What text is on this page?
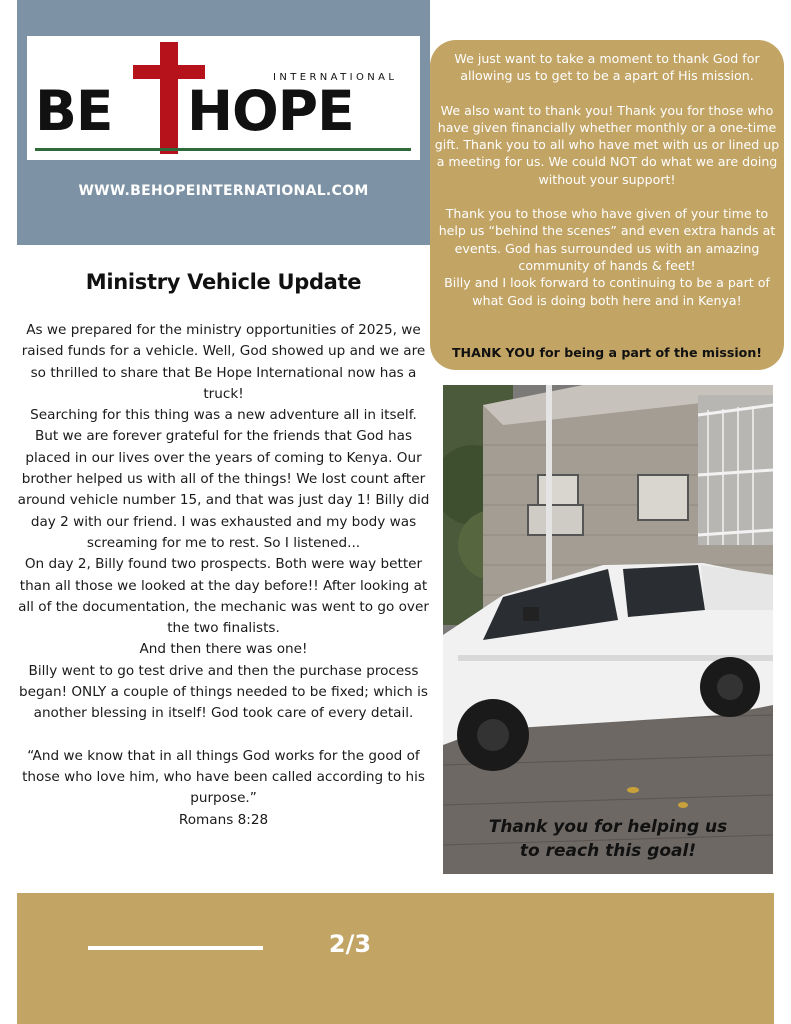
BE
INTERNATIONAL
HOPE
WWW.BEHOPEINTERNATIONAL.COM

We just want to take a moment to thank God for allowing us to get to be a apart of His mission.

We also want to thank you! Thank you for those who have given financially whether monthly or a one-time gift. Thank you to all who have met with us or lined up a meeting for us. We could NOT do what we are doing without your support!

Thank you to those who have given of your time to help us “behind the scenes” and even extra hands at events. God has surrounded us with an amazing community of hands & feet!

Billy and I look forward to continuing to be a part of what God is doing both here and in Kenya!

THANK YOU for being a part of the mission!
Ministry Vehicle Update

As we prepared for the ministry opportunities of 2025, we raised funds for a vehicle. Well, God showed up and we are so thrilled to share that Be Hope International now has a truck!

Searching for this thing was a new adventure all in itself. But we are forever grateful for the friends that God has placed in our lives over the years of coming to Kenya. Our brother helped us with all of the things! We lost count after around vehicle number 15, and that was just day 1! Billy did day 2 with our friend. I was exhausted and my body was screaming for me to rest. So I listened...

On day 2, Billy found two prospects. Both were way better than all those we looked at the day before!! After looking at all of the documentation, the mechanic was went to go over the two finalists.

And then there was one!

Billy went to go test drive and then the purchase process began! ONLY a couple of things needed to be fixed; which is another blessing in itself! God took care of every detail.

“And we know that in all things God works for the good of those who love him, who have been called according to his purpose.”

Romans 8:28	Thank you for helping us
to reach this goal!
2/3
